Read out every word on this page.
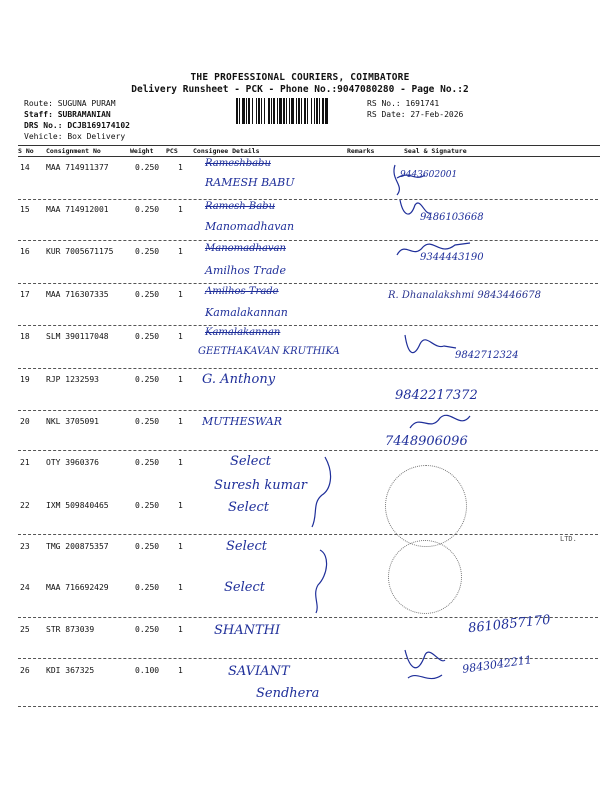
THE PROFESSIONAL COURIERS, COIMBATORE
Delivery Runsheet - PCK - Phone No.:9047080280 - Page No.:2
Route: SUGUNA PURAM
Staff: SUBRAMANIAN
DRS No.: DCJB169174102
Vehicle: Box Delivery
RS No.: 1691741
RS Date: 27-Feb-2026
S No Consignment No	Weight PCS Consignee Details	Remarks	Seal & Signature
14 MAA 714911377	0.250 1 Rameshbabu
RAMESH BABU
9443602001
15 MAA 714912001	0.250 1 Ramesh Babu
Manomadhavan
9486103668
16 KUR 7005671175	0.250 1 Manomadhavan
Amilhos Trade
9344443190
17 MAA 716307335	0.250 1 Amilhos Trade
Kamalakannan
R. Dhanalakshmi 9843446678
18 SLM 390117048	0.250 1 Kamalakannan
GEETHAKAVAN KRUTHIKA	9842712324
19 RJP 1232593	0.250 1 G. Anthony
9842217372
20 NKL 3705091	0.250 1 MUTHESWAR
7448906096
21 OTY 3960376	0.250 1	Select
Suresh kumar
22 IXM 509840465	0.250 1	Select
23 TMG 200875357	0.250 1	Select
24 MAA 716692429	0.250 1	Select
25 STR 873039	0.250 1 SHANTHI	8610857170
26 KDI 367325	0.100 1	SAVIANT
Sendhera
9843042211
LTD.
